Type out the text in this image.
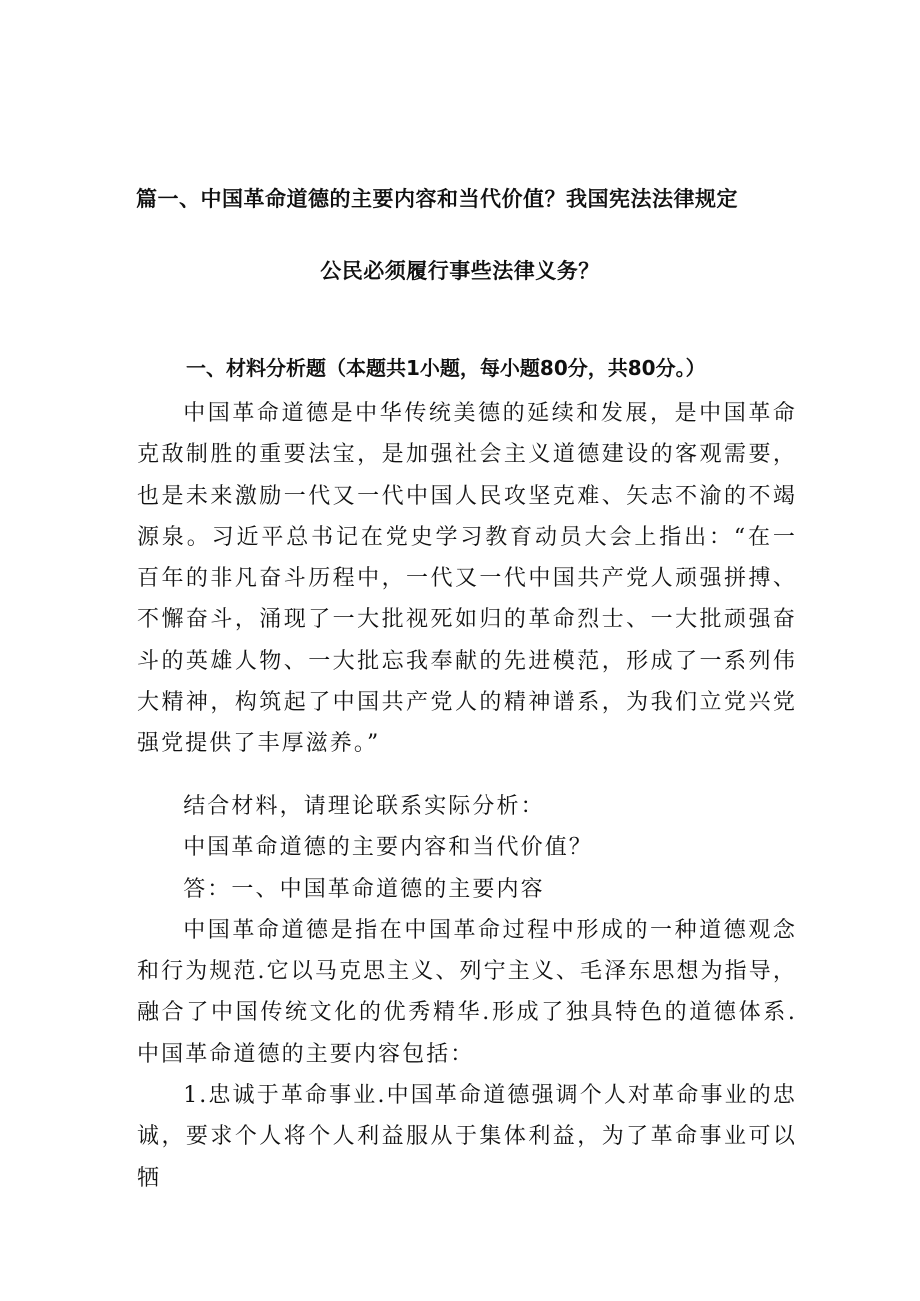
篇一、中国革命道德的主要内容和当代价值？我国宪法法律规定
公民必须履行事些法律义务？
一、材料分析题（本题共1小题，每小题80分，共80分。）

中国革命道德是中华传统美德的延续和发展，是中国革命克敌制胜的重要法宝，是加强社会主义道德建设的客观需要，也是未来激励一代又一代中国人民攻坚克难、矢志不渝的不竭源泉。习近平总书记在党史学习教育动员大会上指出：“在一百年的非凡奋斗历程中，一代又一代中国共产党人顽强拼搏、不懈奋斗，涌现了一大批视死如归的革命烈士、一大批顽强奋斗的英雄人物、一大批忘我奉献的先进模范，形成了一系列伟大精神，构筑起了中国共产党人的精神谱系，为我们立党兴党强党提供了丰厚滋养。”

结合材料，请理论联系实际分析：

中国革命道德的主要内容和当代价值？

答：一、中国革命道德的主要内容

中国革命道德是指在中国革命过程中形成的一种道德观念和行为规范.它以马克思主义、列宁主义、毛泽东思想为指导，融合了中国传统文化的优秀精华.形成了独具特色的道德体系.中国革命道德的主要内容包括：

1.忠诚于革命事业.中国革命道德强调个人对革命事业的忠诚，要求个人将个人利益服从于集体利益，为了革命事业可以牺
